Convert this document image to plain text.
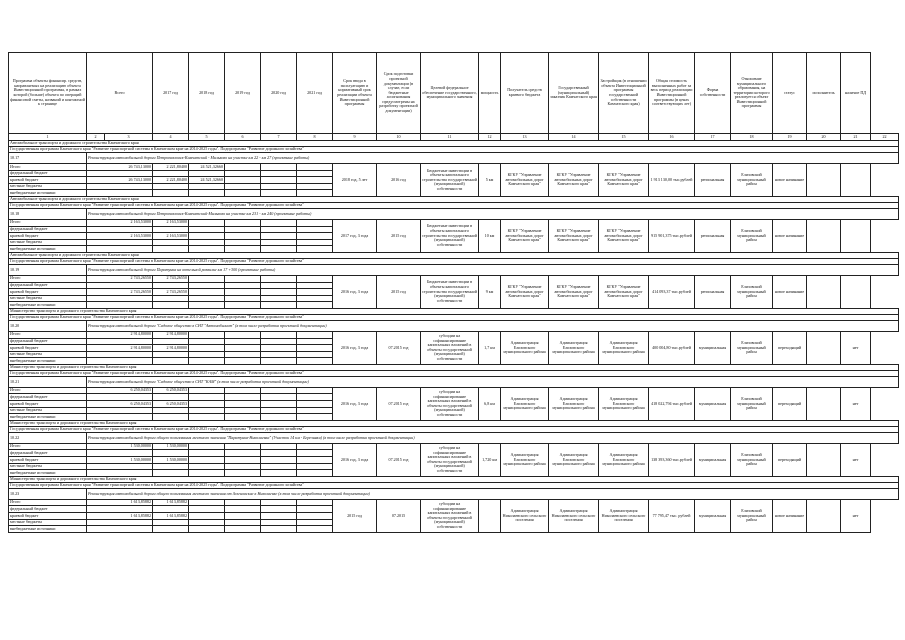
Программа объекты финансир. средств, направляемых на реализацию объекта Инвестиционной программы, в рамках которой (больше) объекта по операций финансовой сметы, названий и контактной к странице	Всего		2017 год	2018 год	2019 год	2020 год	2021 год	Срок ввода в эксплуатацию и нормативный срок реализации объекта Инвестиционной программы	Срок подготовки проектной документации (в случае, если бюджетные ассигнования предусмотрены на разработку проектной документации)	Целевой федеральное обеспечение государственного, муниципального значения	мощность	Получатель средств краевого бюджета	Государственный (муниципальный) заказчик Камчатского края	Застройщик (в отношении объекта Инвестиционной программы государственной собственности Камчатского края)	Общая стоимость выполненных работ за весь период реализации Инвестиционной программы (в ценах соответствующих лет)	Форма собственности	Отношение муниципального образования, на территории которого реализуется объект Инвестиционной программы	статус	исполнитель	наличие ПД	
1	2	3	4	5	6	7	8	9	10	11	12	13	14	15	16	17	18	19	20	21	22
Автомобильное транспорта и дорожного строительства Камчатского края																					
Государственная программа Камчатского края "Развитие транспортной системы в Камчатском крае на 2014-2025 годы". Подпрограмма "Развитие дорожного хозяйства"																					
10.17	Реконструкция автомобильной дороги Петропавловск-Камчатский - Мильково на участке км 22 - км 27 (проектные работы)																				
Итого	26 743,13000		2 221,80400	24 521,32660				2018 год, 5 лет	2016 год	Бюджетные инвестиции в объекты капитального строительства государственной (муниципальной) собственности	5 км	КГКУ "Управление автомобильных дорог Камчатского края"	КГКУ "Управление автомобильных дорог Камчатского края"	КГКУ "Управление автомобильных дорог Камчатского края"	1 913 130,00 тыс.рублей	региональная	Елизовский муниципальный район	новое начинание			
федеральный бюджет																					
краевой бюджет	26 743,13000		2 221,80400	24 521,32660																	
местные бюджеты																					
внебюджетные источники																					
Автомобильное транспорта и дорожного строительства Камчатского края																					
Государственная программа Камчатского края "Развитие транспортной системы в Камчатском крае на 2014-2025 годы". Подпрограмма "Развитие дорожного хозяйства"																					
10.18	Реконструкция автомобильной дороги Петропавловск-Камчатский-Мильково на участке км 231 - км 240 (проектные работы)																				
Итого	2 163,53000		2 163,53000					2017 год, 3 года	2015 год	Бюджетные инвестиции в объекты капитального строительства государственной (муниципальной) собственности	10 км	КГКУ "Управление автомобильных дорог Камчатского края"	КГКУ "Управление автомобильных дорог Камчатского края"	КГКУ "Управление автомобильных дорог Камчатского края"	915 901,375 тыс.рублей	региональная	Елизовский муниципальный район	новое начинание			
федеральный бюджет																					
краевой бюджет	2 163,53000		2 163,53000																		
местные бюджеты																					
внебюджетные источники																					
Автомобильное транспорта и дорожного строительства Камчатского края																					
Государственная программа Камчатского края "Развитие транспортной системы в Камчатском крае на 2014-2025 годы". Подпрограмма "Развитие дорожного хозяйства"																					
10.19	Реконструкция автомобильной дороги Паратунка на котельной развилке км 17 +300 (проектные работы)																				
Итого	2 743,26550		2 743,26550					2016 год, 3 года	2015 год	Бюджетные инвестиции в объекты капитального строительства государственной (муниципальной) собственности	9 км	КГКУ "Управление автомобильных дорог Камчатского края"	КГКУ "Управление автомобильных дорог Камчатского края"	КГКУ "Управление автомобильных дорог Камчатского края"	414 093,37 тыс.рублей	региональная	Елизовский муниципальный район	новое начинание			
федеральный бюджет																					
краевой бюджет	2 743,26550		2 743,26550																		
местные бюджеты																					
внебюджетные источники																					
Министерство транспорта и дорожного строительства Камчатского края																					
Государственная программа Камчатского края "Развитие транспортной системы в Камчатском крае на 2014-2025 годы". Подпрограмма "Развитие дорожного хозяйства"																					
10.20	Реконструкция автомобильной дороги "Садовое общество в СНТ "Автомобилист" (в том числе разработка проектной документации)																				
Итого	2 914,80000		2 914,80000					2016 год, 3 года	07.2015 год	субсидии на софинансирование капитальных вложений в объекты государственной (муниципальной) собственности	1,7 км	Администрация Елизовского муниципального района	Администрация Елизовского муниципального района	Администрация Елизовского муниципального района	400 004,80 тыс.рублей	муниципальная	Елизовский муниципальный район	переходящий		нет	
федеральный бюджет																					
краевой бюджет	2 914,80000		2 914,80000																		
местные бюджеты																					
внебюджетные источники																					
Министерство транспорта и дорожного строительства Камчатского края																					
Государственная программа Камчатского края "Развитие транспортной системы в Камчатском крае на 2014-2025 годы". Подпрограмма "Развитие дорожного хозяйства"																					
10.21	Реконструкция автомобильной дороги "Садовое общество в СНТ "КАМ" (в том числе разработка проектной документации)																				
Итого	6 250,04353		6 250,04353					2016 год, 3 года	07.2015 год	субсидии на софинансирование капитальных вложений в объекты государственной (муниципальной) собственности	6,8 км	Администрация Елизовского муниципального района	Администрация Елизовского муниципального района	Администрация Елизовского муниципального района	418 022,794 тыс.рублей	муниципальная	Елизовский муниципальный район	переходящий		нет	
федеральный бюджет																					
краевой бюджет	6 250,04353		6 250,04353																		
местные бюджеты																					
внебюджетные источники																					
Министерство транспорта и дорожного строительства Камчатского края																					
Государственная программа Камчатского края "Развитие транспортной системы в Камчатском крае на 2014-2025 годы". Подпрограмма "Развитие дорожного хозяйства"																					
10.22	Реконструкция автомобильной дороги общего пользования местного значения "Паратунка-Николаевка" (Участок 14 км - Березняки) (в том числе разработка проектной документации)																				
Итого	1 530,00000		1 530,00000					2016 год, 3 года	07.2015 год	субсидии на софинансирование капитальных вложений в объекты государственной (муниципальной) собственности	1,720 км	Администрация Елизовского муниципального района	Администрация Елизовского муниципального района	Администрация Елизовского муниципального района	138 393,360 тыс.рублей	муниципальная	Елизовский муниципальный район	переходящий		нет	
федеральный бюджет																					
краевой бюджет	1 530,00000		1 530,00000																		
местные бюджеты																					
внебюджетные источники																					
Министерство транспорта и дорожного строительства Камчатского края																					
Государственная программа Камчатского края "Развитие транспортной системы в Камчатском крае на 2014-2025 годы". Подпрограмма "Развитие дорожного хозяйства"																					
10.23	Реконструкция автомобильной дороги общего пользования местного значения от Зеленовские к Николаевке (в том числе разработка проектной документации)																				
Итого	1 613,85882		1 613,85882					2015 год	07.2015	субсидии на софинансирование капитальных вложений в объекты государственной (муниципальной) собственности		Администрация Николаевского сельского поселения	Администрация Николаевского сельского поселения	Администрация Николаевского сельского поселения	77 795,47 тыс. рублей	муниципальная	Елизовский муниципальный район	новое начинание		нет	
федеральный бюджет																					
краевой бюджет	1 613,85882		1 613,85882																		
местные бюджеты																					
внебюджетные источники																					
